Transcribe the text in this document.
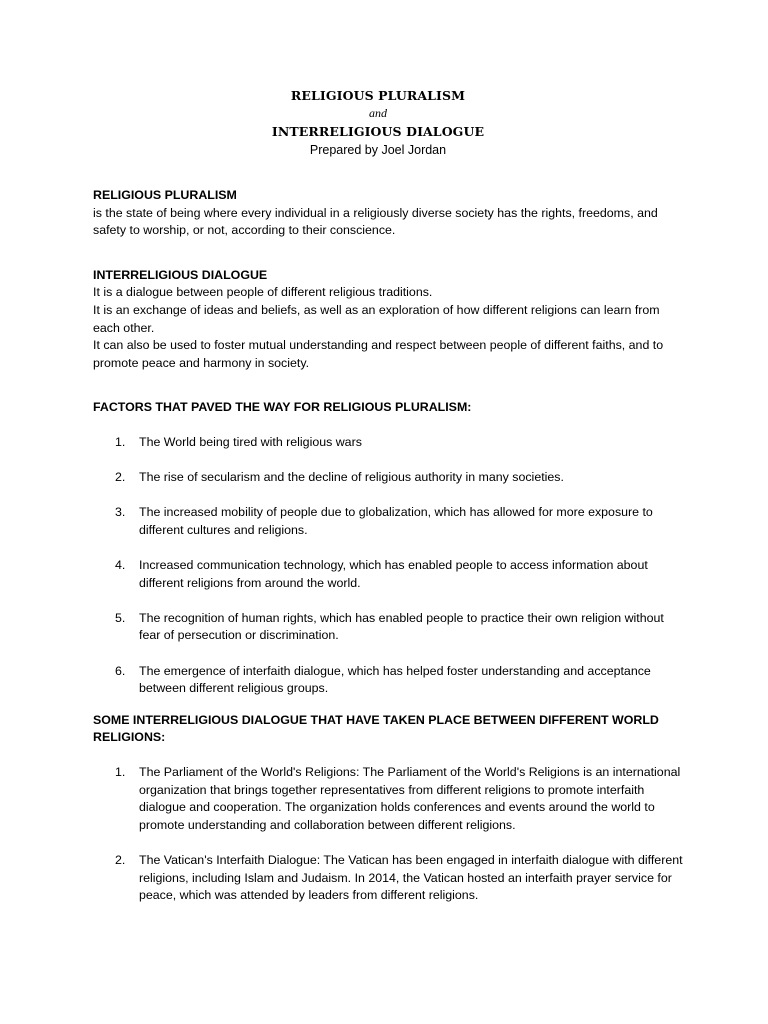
RELIGIOUS PLURALISM
and
INTERRELIGIOUS DIALOGUE
Prepared by Joel Jordan
RELIGIOUS PLURALISM
is the state of being where every individual in a religiously diverse society has the rights, freedoms, and safety to worship, or not, according to their conscience.
INTERRELIGIOUS DIALOGUE
It is a dialogue between people of different religious traditions.
It is an exchange of ideas and beliefs, as well as an exploration of how different religions can learn from each other.
It can also be used to foster mutual understanding and respect between people of different faiths, and to promote peace and harmony in society.
FACTORS THAT PAVED THE WAY FOR RELIGIOUS PLURALISM:
1. The World being tired with religious wars
2. The rise of secularism and the decline of religious authority in many societies.
3. The increased mobility of people due to globalization, which has allowed for more exposure to different cultures and religions.
4. Increased communication technology, which has enabled people to access information about different religions from around the world.
5. The recognition of human rights, which has enabled people to practice their own religion without fear of persecution or discrimination.
6. The emergence of interfaith dialogue, which has helped foster understanding and acceptance between different religious groups.
SOME INTERRELIGIOUS DIALOGUE THAT HAVE TAKEN PLACE BETWEEN DIFFERENT WORLD RELIGIONS:
1. The Parliament of the World's Religions: The Parliament of the World's Religions is an international organization that brings together representatives from different religions to promote interfaith dialogue and cooperation. The organization holds conferences and events around the world to promote understanding and collaboration between different religions.
2. The Vatican's Interfaith Dialogue: The Vatican has been engaged in interfaith dialogue with different religions, including Islam and Judaism. In 2014, the Vatican hosted an interfaith prayer service for peace, which was attended by leaders from different religions.
